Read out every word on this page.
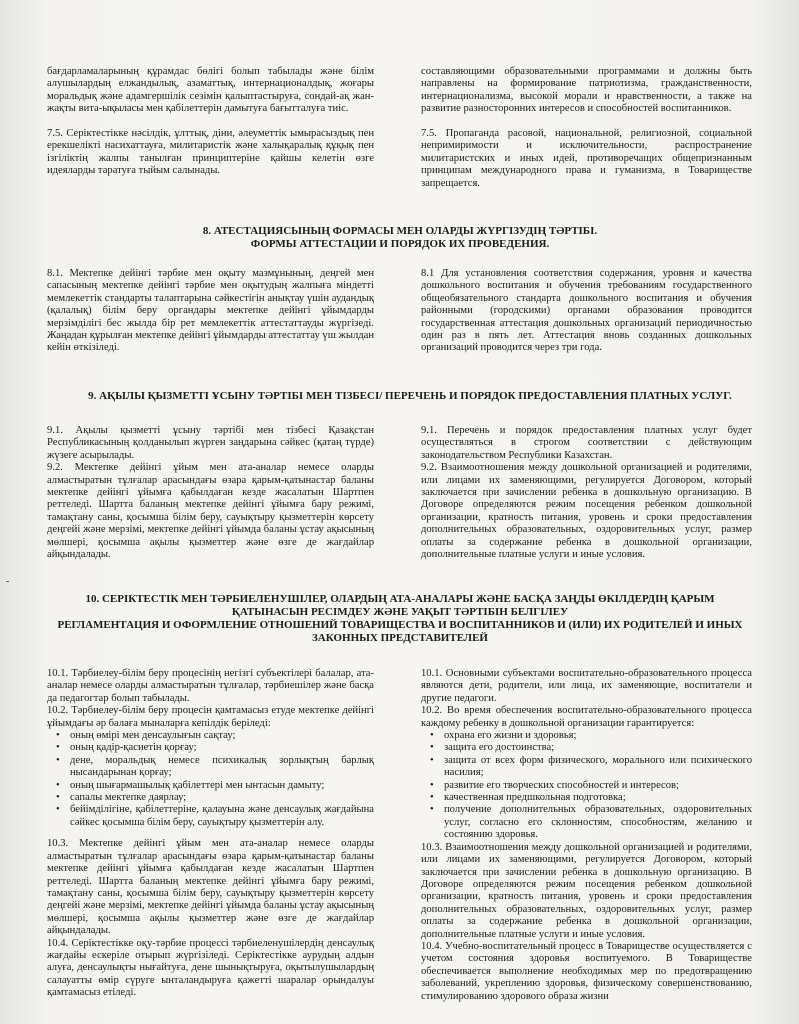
-

бағдарламаларының құрамдас бөлігі болып табылады және білім алушылардың елжандылық, азаматтық, интернационалдық, жоғары моральдық және адамгершілік сезімін қалыптастыруға, сондай-ақ жан-жақты вита-ықыласы мен қабілеттерін дамытуға бағытталуға тиіс.

составляющими образовательными программами и должны быть направлены на формирование патриотизма, гражданственности, интернационализма, высокой морали и нравственности, а также на развитие разносторонних интересов и способностей воспитанников.

7.5. Серіктестікке нәсілдік, ұлттық, діни, әлеуметтік ымырасыздық пен ерекшелікті насихаттауға, милитаристік және халықаралық құқық пен ізгіліктің жалпы танылған принциптеріне қайшы келетін өзге идеяларды таратуға тыйым салынады.

7.5. Пропаганда расовой, национальной, религиозной, социальной непримиримости и исключительности, распространение милитаристских и иных идей, противоречащих общепризнанным принципам международного права и гуманизма, в Товариществе запрещается.

8. АТЕСТАЦИЯСЫНЫҢ ФОРМАСЫ МЕН ОЛАРДЫ ЖҮРГІЗУДІҢ ТӘРТІБІ.
ФОРМЫ АТТЕСТАЦИИ И ПОРЯДОК ИХ ПРОВЕДЕНИЯ.

8.1. Мектепке дейінгі тәрбие мен оқыту мазмұнының, деңгей мен сапасының мектепке дейінгі тәрбие мен оқытудың жалпыға міндетті мемлекеттік стандарты талаптарына сәйкестігін анықтау үшін аудандық (қалалық) білім беру органдары мектепке дейінгі ұйымдарды мерзімділігі бес жылда бір рет мемлекеттік аттестаттауды жүргізеді. Жаңадан құрылған мектепке дейінгі ұйымдарды аттестаттау үш жылдан кейін өткізіледі.

8.1 Для установления соответствия содержания, уровня и качества дошкольного воспитания и обучения требованиям государственного общеобязательного стандарта дошкольного воспитания и обучения районными (городскими) органами образования проводится государственная аттестация дошкольных организаций периодичностью один раз в пять лет. Аттестация вновь созданных дошкольных организаций проводится через три года.

9. АҚЫЛЫ ҚЫЗМЕТТІ ҰСЫНУ ТӘРТІБІ МЕН ТІЗБЕСІ/ ПЕРЕЧЕНЬ И ПОРЯДОК ПРЕДОСТАВЛЕНИЯ ПЛАТНЫХ УСЛУГ.

9.1. Ақылы қызметті ұсыну тәртібі мен тізбесі Қазақстан Республикасының қолданылып жүрген заңдарына сәйкес (қатаң түрде) жүзеге асырылады.

9.2. Мектепке дейінгі ұйым мен ата-аналар немесе оларды алмастыратын тұлғалар арасындағы өзара қарым-қатынастар баланы мектепке дейінгі ұйымға қабылдаған кезде жасалатын Шартпен реттеледі. Шартта баланың мектепке дейінгі ұйымға бару режимі, тамақтану саны, қосымша білім беру, сауықтыру қызметтерін көрсету деңгейі және мерзімі, мектепке дейінгі ұйымда баланы ұстау ақысының мөлшері, қосымша ақылы қызметтер және өзге де жағдайлар айқындалады.

9.1. Перечень и порядок предоставления платных услуг будет осуществляться в строгом соответствии с действующим законодательством Республики Казахстан.

9.2. Взаимоотношения между дошкольной организацией и родителями, или лицами их заменяющими, регулируется Договором, который заключается при зачислении ребенка в дошкольную организацию. В Договоре определяются режим посещения ребенком дошкольной организации, кратность питания, уровень и сроки предоставления дополнительных образовательных, оздоровительных услуг, размер оплаты за содержание ребенка в дошкольной организации, дополнительные платные услуги и иные условия.

10. СЕРІКТЕСТІК МЕН ТӘРБИЕЛЕНУШІЛЕР, ОЛАРДЫҢ АТА-АНАЛАРЫ ЖӘНЕ БАСҚА ЗАҢДЫ ӨКІЛДЕРДІҢ ҚАРЫМ
ҚАТЫНАСЫН РЕСІМДЕУ ЖӘНЕ УАҚЫТ ТӘРТІБІН БЕЛГІЛЕУ
РЕГЛАМЕНТАЦИЯ И ОФОРМЛЕНИЕ ОТНОШЕНИЙ ТОВАРИЩЕСТВА И ВОСПИТАННИКОВ И (ИЛИ) ИХ РОДИТЕЛЕЙ И ИНЫХ
ЗАКОННЫХ ПРЕДСТАВИТЕЛЕЙ

10.1. Тәрбиелеу-білім беру процесінің негізгі субъектілері балалар, ата-аналар немесе оларды алмастыратын тұлғалар, тәрбиешілер және басқа да педагогтар болып табылады.

10.2. Тәрбиелеу-білім беру процесін қамтамасыз етуде мектепке дейінгі ұйымдағы әр балаға мыналарға кепілдік беріледі:

• оның өмірі мен денсаулығын сақтау;
• оның қадір-қасиетін қорғау;
• дене, моральдық немесе психикалық зорлықтың барлық нысандарынан қорғау;
• оның шығармашылық қабілеттері мен ынтасын дамыту;
• сапалы мектепке даярлау;
• бейімділігіне, қабілеттеріне, қалауына және денсаулық жағдайына сәйкес қосымша білім беру, сауықтыру қызметтерін алу.

10.3. Мектепке дейінгі ұйым мен ата-аналар немесе оларды алмастыратын тұлғалар арасындағы өзара қарым-қатынастар баланы мектепке дейінгі ұйымға қабылдаған кезде жасалатын Шартпен реттеледі. Шартта баланың мектепке дейінгі ұйымға бару режимі, тамақтану саны, қосымша білім беру, сауықтыру қызметтерін көрсету деңгейі және мерзімі, мектепке дейінгі ұйымда баланы ұстау ақысының мөлшері, қосымша ақылы қызметтер және өзге де жағдайлар айқындалады.

10.4. Серіктестікке оқу-тәрбие процессі тәрбиеленушілердің денсаулық жағдайы ескеріле отырып жүргізіледі. Серіктестікке аурудың алдын алуға, денсаулықты нығайтуға, дене шынықтыруға, оқытылушылардың салауатты өмір сүруге ынталандыруға қажетті шаралар орындалуы қамтамасыз етіледі.

10.1. Основными субъектами воспитательно-образовательного процесса являются дети, родители, или лица, их заменяющие, воспитатели и другие педагоги.

10.2. Во время обеспечения воспитательно-образовательного процесса каждому ребенку в дошкольной организации гарантируется:

• охрана его жизни и здоровья;
• защита его достоинства;
• защита от всех форм физического, морального или психического насилия;
• развитие его творческих способностей и интересов;
• качественная предшкольная подготовка;
• получение дополнительных образовательных, оздоровительных услуг, согласно его склонностям, способностям, желанию и состоянию здоровья.

10.3. Взаимоотношения между дошкольной организацией и родителями, или лицами их заменяющими, регулируется Договором, который заключается при зачислении ребенка в дошкольную организацию. В Договоре определяются режим посещения ребенком дошкольной организации, кратность питания, уровень и сроки предоставления дополнительных образовательных, оздоровительных услуг, размер оплаты за содержание ребенка в дошкольной организации, дополнительные платные услуги и иные условия.

10.4. Учебно-воспитательный процесс в Товариществе осуществляется с учетом состояния здоровья воспитуемого. В Товариществе обеспечивается выполнение необходимых мер по предотвращению заболеваний, укреплению здоровья, физическому совершенствованию, стимулированию здорового образа жизни
